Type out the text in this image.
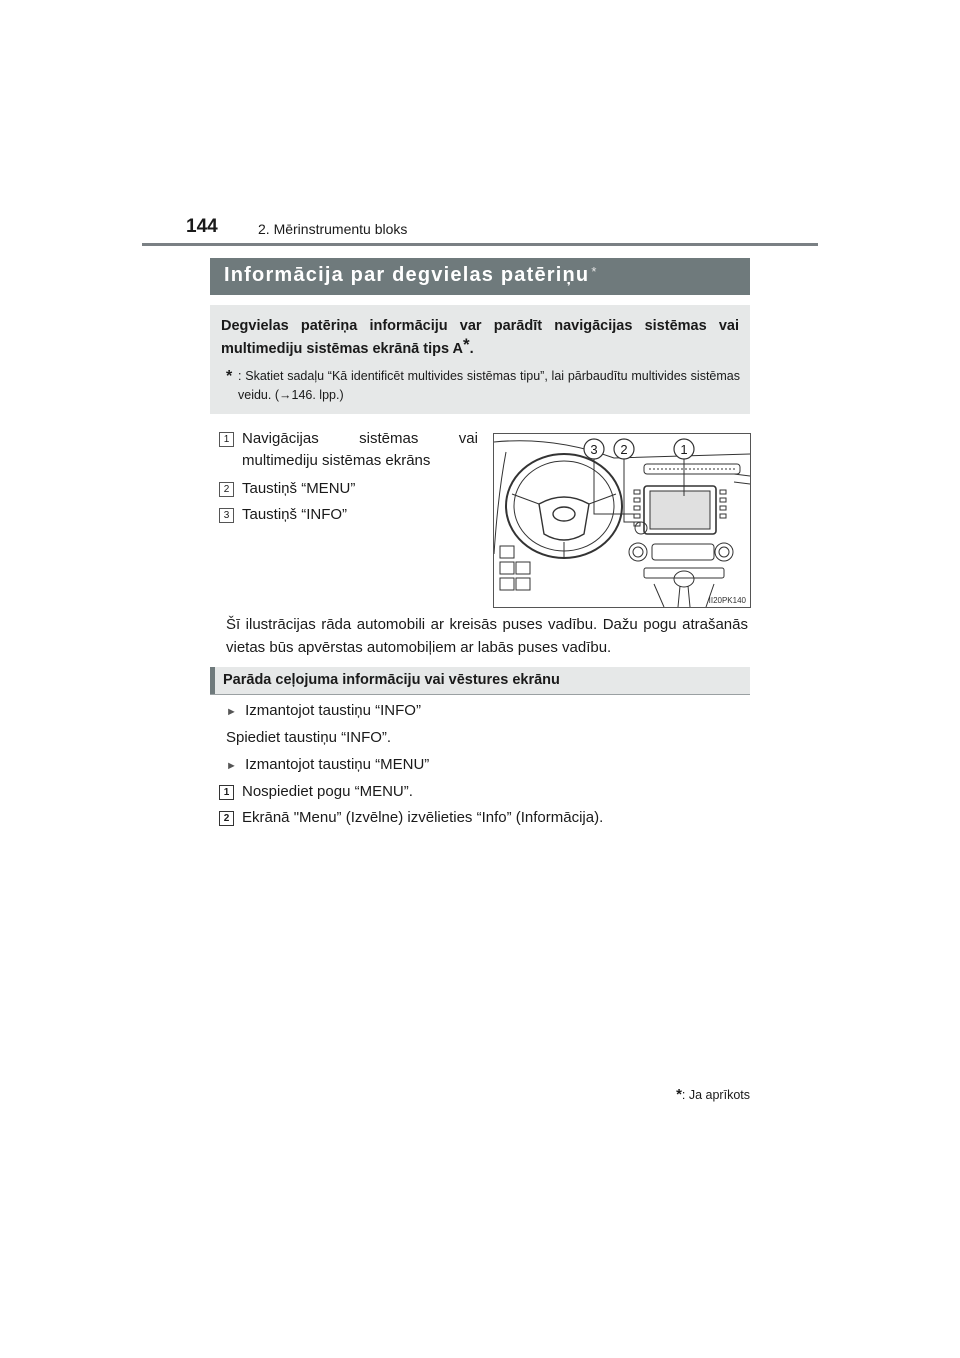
144	2. Mērinstrumentu bloks
Informācija par degvielas patēriņu *
Degvielas patēriņa informāciju var parādīt navigācijas sistēmas vai multimediju sistēmas ekrānā tips A*.
* : Skatiet sadaļu “Kā identificēt multivides sistēmas tipu”, lai pārbaudītu multivides sistēmas veidu. (→146. lpp.)
1 Navigācijas	sistēmas	vai
multimediju sistēmas ekrāns
2 Taustiņš “MENU”
3 Taustiņš “INFO”
3 2	1
II20PK140
Šī ilustrācijas rāda automobili ar kreisās puses vadību. Dažu pogu atrašanās vietas būs apvērstas automobiļiem ar labās puses vadību.
Parāda ceļojuma informāciju vai vēstures ekrānu
► Izmantojot taustiņu “INFO”
Spiediet taustiņu “INFO”.
► Izmantojot taustiņu “MENU”
1 Nospiediet pogu “MENU”.
2 Ekrānā "Menu” (Izvēlne) izvēlieties “Info” (Informācija).
*: Ja aprīkots
